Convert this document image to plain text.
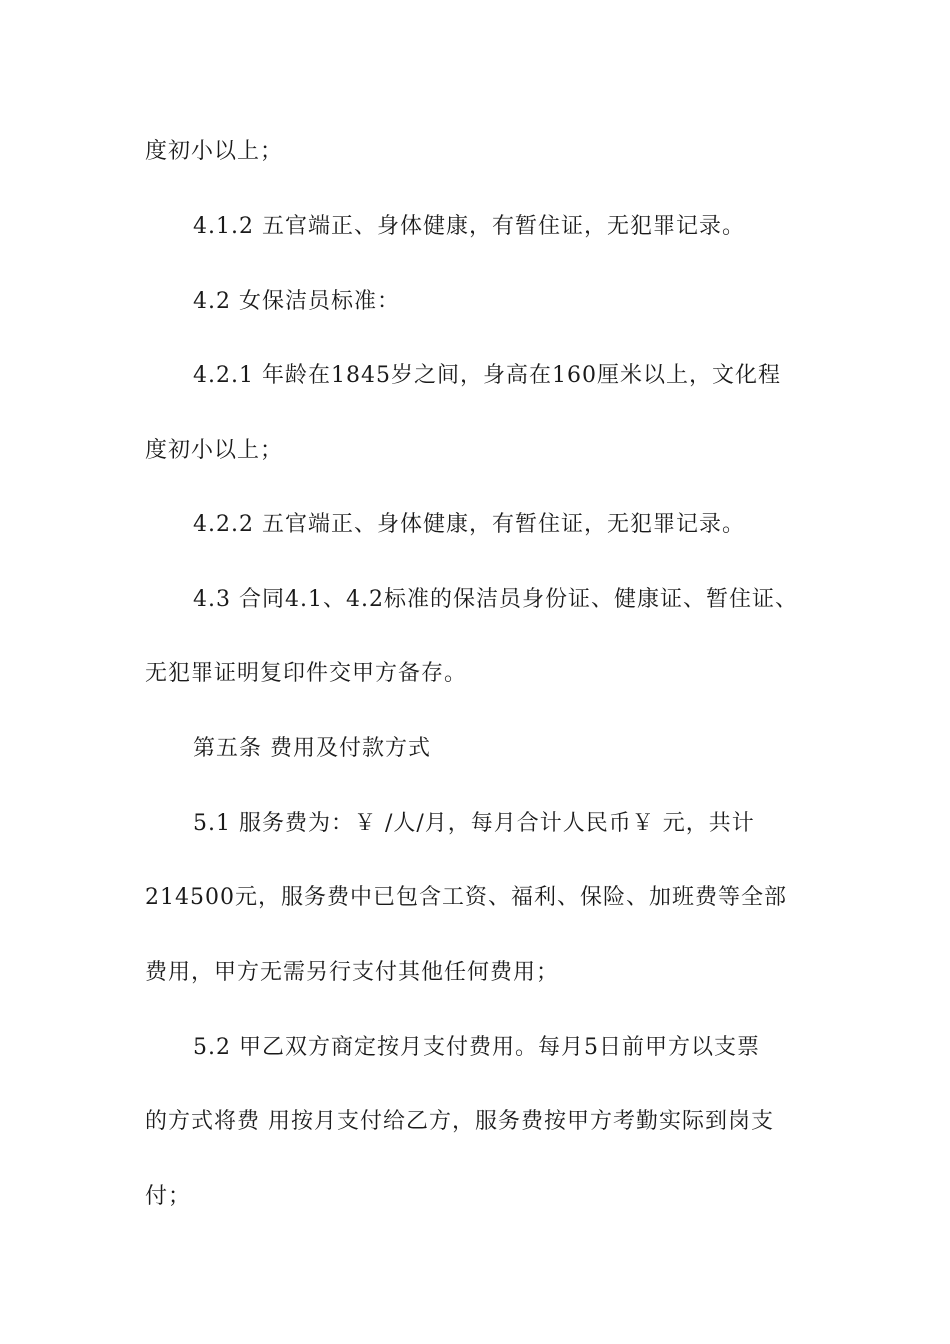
度初小以上；
4.1.2 五官端正、身体健康，有暂住证，无犯罪记录。
4.2 女保洁员标准：
4.2.1 年龄在1845岁之间，身高在160厘米以上，文化程
度初小以上；
4.2.2 五官端正、身体健康，有暂住证，无犯罪记录。
4.3 合同4.1、4.2标准的保洁员身份证、健康证、暂住证、
无犯罪证明复印件交甲方备存。
第五条 费用及付款方式
5.1 服务费为：￥ /人/月，每月合计人民币￥ 元，共计
214500元，服务费中已包含工资、福利、保险、加班费等全部
费用，甲方无需另行支付其他任何费用；
5.2 甲乙双方商定按月支付费用。每月5日前甲方以支票
的方式将费 用按月支付给乙方，服务费按甲方考勤实际到岗支
付；
